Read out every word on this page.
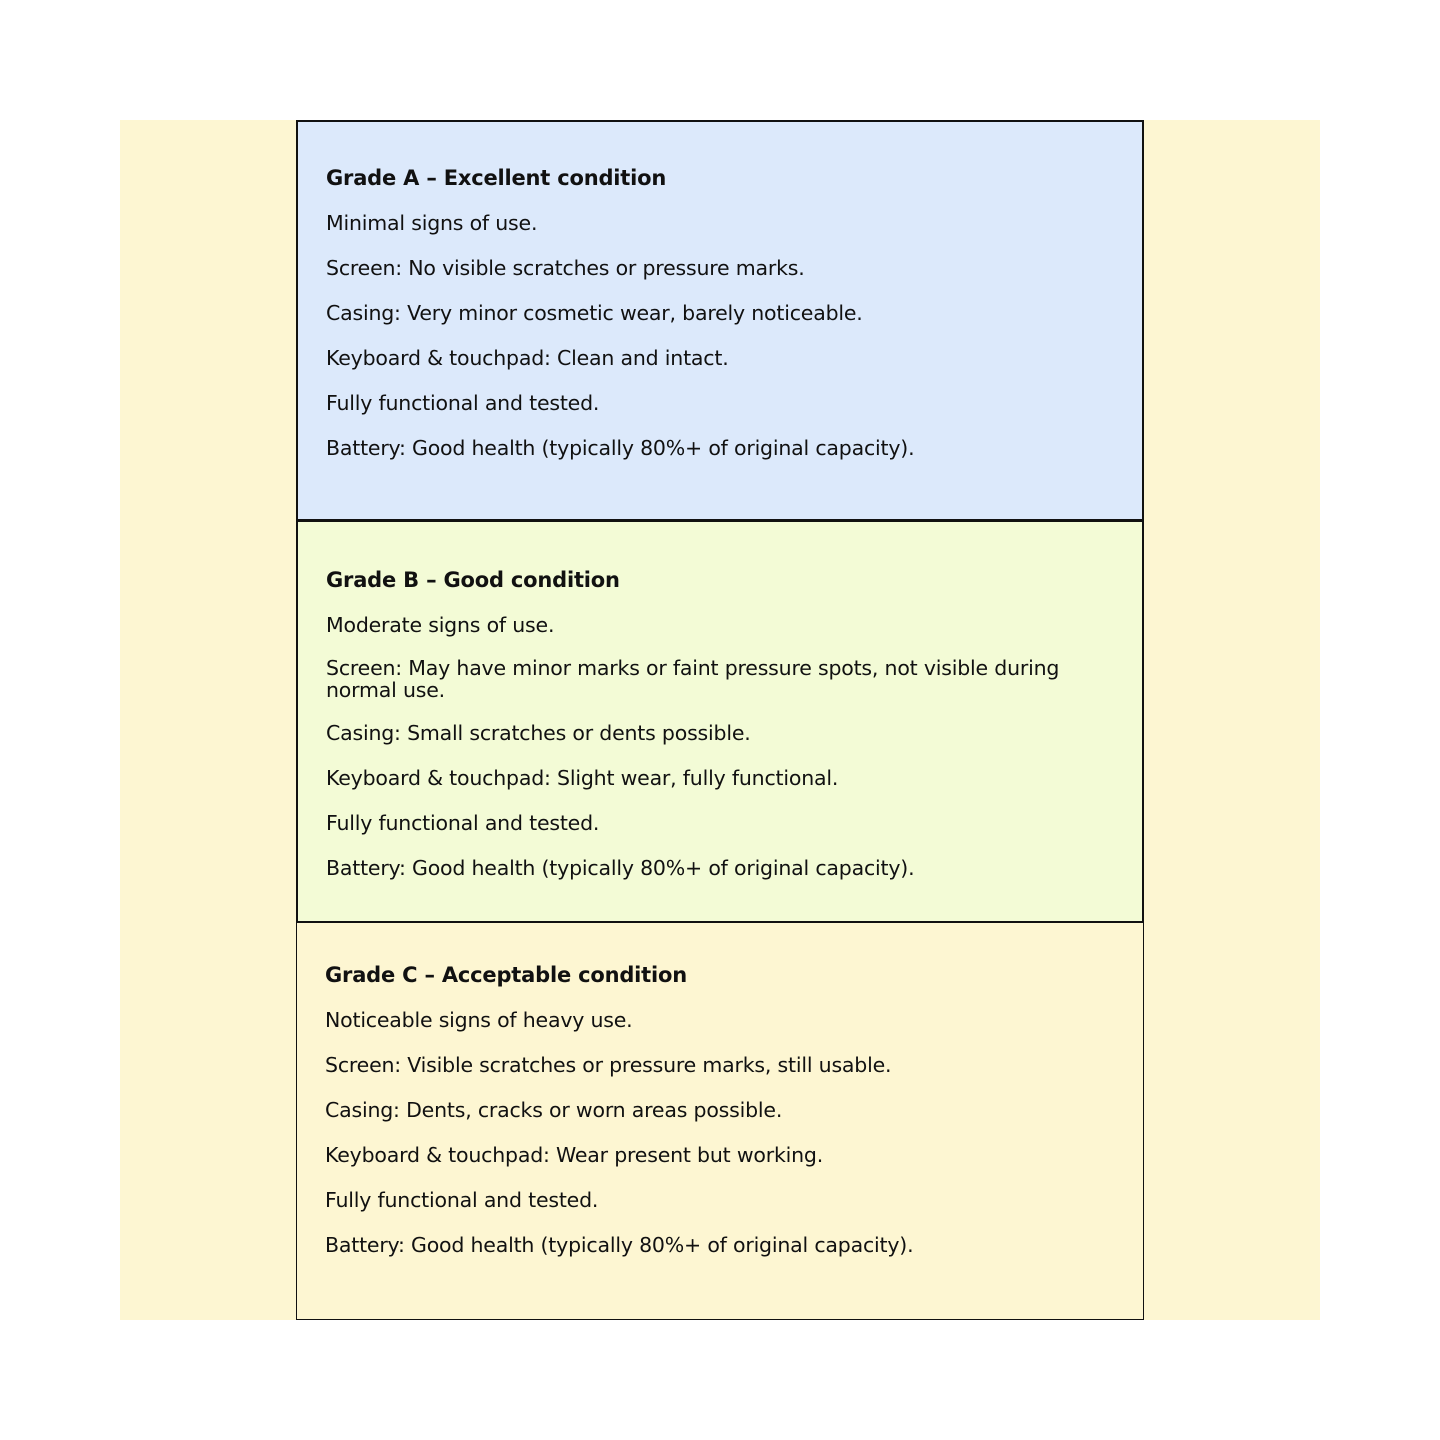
Grade A – Excellent condition

Minimal signs of use.

Screen: No visible scratches or pressure marks.

Casing: Very minor cosmetic wear, barely noticeable.

Keyboard & touchpad: Clean and intact.

Fully functional and tested.

Battery: Good health (typically 80%+ of original capacity).

Grade B – Good condition

Moderate signs of use.

Screen: May have minor marks or faint pressure spots, not visible during normal use.

Casing: Small scratches or dents possible.

Keyboard & touchpad: Slight wear, fully functional.

Fully functional and tested.

Battery: Good health (typically 80%+ of original capacity).

Grade C – Acceptable condition

Noticeable signs of heavy use.

Screen: Visible scratches or pressure marks, still usable.

Casing: Dents, cracks or worn areas possible.

Keyboard & touchpad: Wear present but working.

Fully functional and tested.

Battery: Good health (typically 80%+ of original capacity).
